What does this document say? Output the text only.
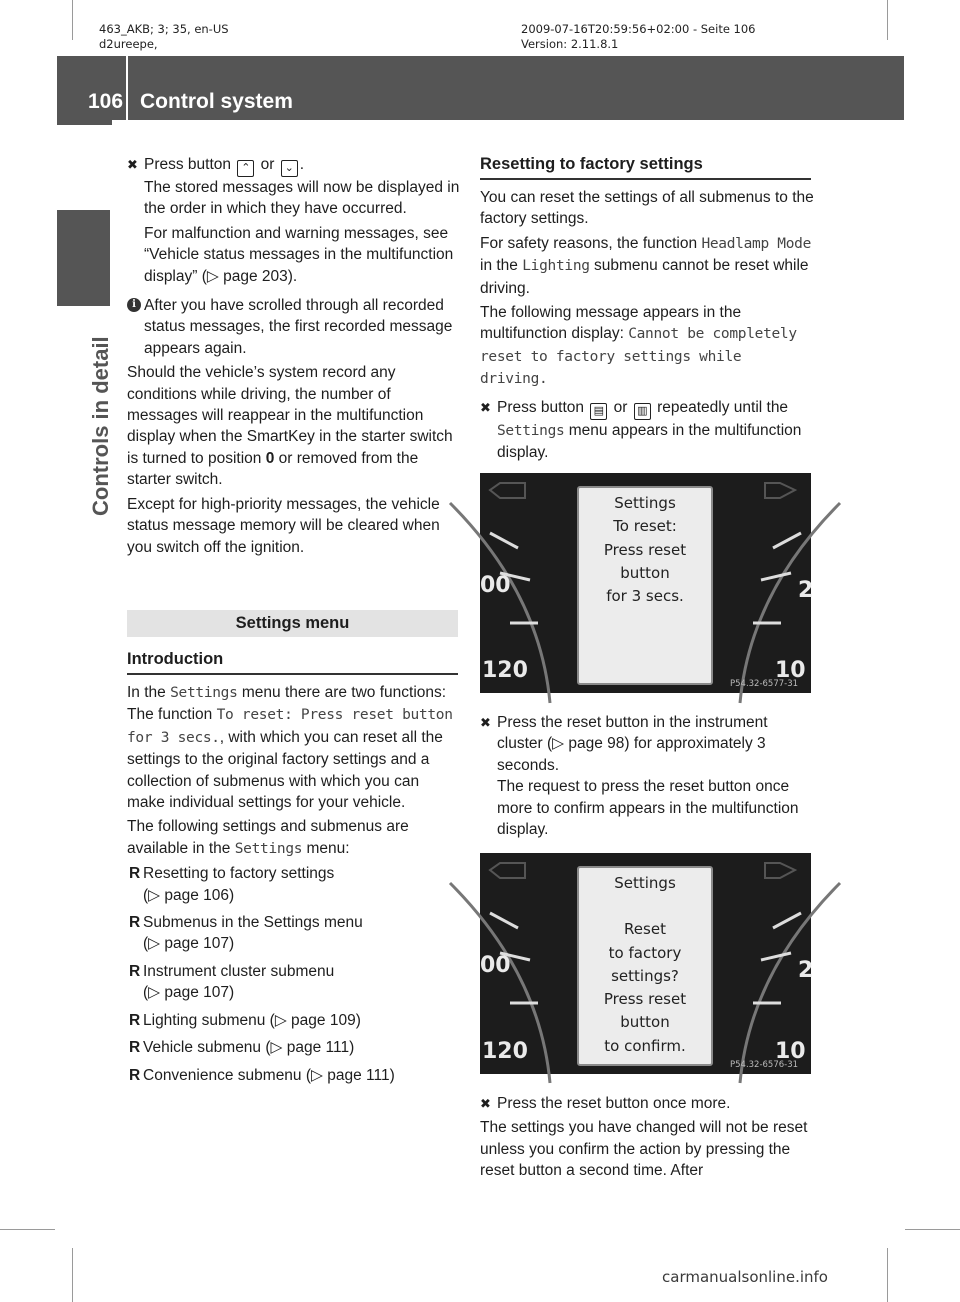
463_AKB; 3; 35, en-US
d2ureepe,
2009-07-16T20:59:56+02:00 - Seite 106
Version: 2.11.8.1
106 Control system
Controls in detail

✖ Press button ⌃ or ⌄ .
The stored messages will now be displayed in the order in which they have occurred.

For malfunction and warning messages, see “Vehicle status messages in the multifunction display” (▷ page 203).

i After you have scrolled through all recorded status messages, the first recorded message appears again.

Should the vehicle’s system record any conditions while driving, the number of messages will reappear in the multifunction display when the SmartKey in the starter switch is turned to position 0 or removed from the starter switch.

Except for high-priority messages, the vehicle status message memory will be cleared when you switch off the ignition.

Settings menu
Introduction

In the Settings menu there are two functions: The function To reset: Press reset button for 3 secs., with which you can reset all the settings to the original factory settings and a collection of submenus with which you can make individual settings for your vehicle.

The following settings and submenus are available in the Settings menu:

R Resetting to factory settings
(▷ page 106)

R Submenus in the Settings menu
(▷ page 107)

R Instrument cluster submenu
(▷ page 107)

R Lighting submenu (▷ page 109)

R Vehicle submenu (▷ page 111)

R Convenience submenu (▷ page 111)

Resetting to factory settings

You can reset the settings of all submenus to the factory settings.

For safety reasons, the function Headlamp Mode in the Lighting submenu cannot be reset while driving.

The following message appears in the multifunction display: Cannot be completely reset to factory settings while driving.

✖ Press button ▤ or ▥ repeatedly until the Settings menu appears in the multifunction display.

00
120
2
10
Settings
To reset:
Press reset
button
for 3 secs.
P54.32-6577-31

✖ Press the reset button in the instrument cluster (▷ page 98) for approximately 3 seconds.
The request to press the reset button once more to confirm appears in the multifunction display.

00
120
2
10
Settings
Reset
to factory
settings?
Press reset
button
to confirm.
P54.32-6576-31

✖ Press the reset button once more.

The settings you have changed will not be reset unless you confirm the action by pressing the reset button a second time. After

carmanualsonline.info
